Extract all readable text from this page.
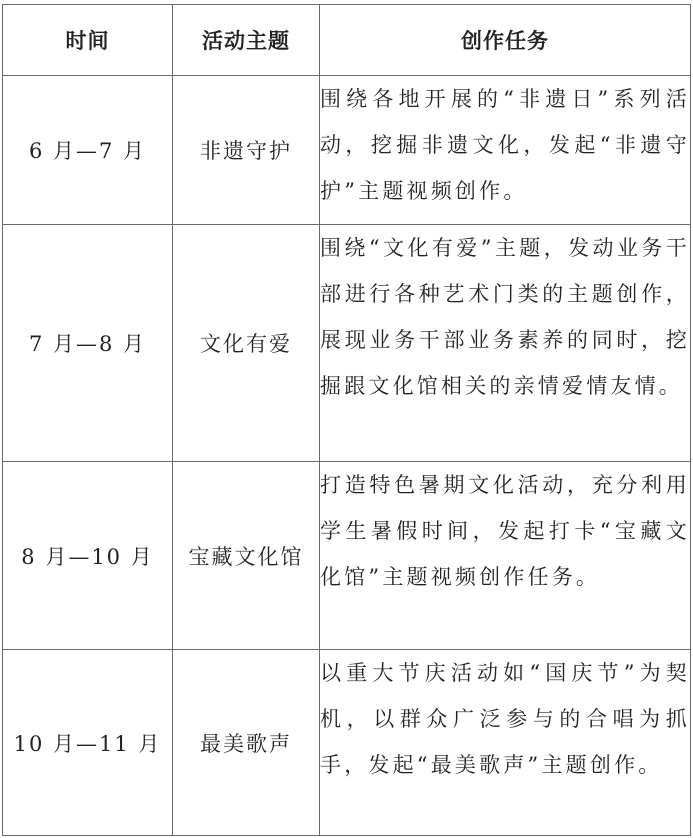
时间	活动主题	创作任务
6 月—7 月	非遗守护	围绕各地开展的“非遗日”系列活动，挖掘非遗文化，发起“非遗守护”主题视频创作。
7 月—8 月	文化有爱	围绕“文化有爱”主题，发动业务干部进行各种艺术门类的主题创作，展现业务干部业务素养的同时，挖掘跟文化馆相关的亲情爱情友情。
8 月—10 月	宝藏文化馆	打造特色暑期文化活动，充分利用学生暑假时间，发起打卡“宝藏文化馆”主题视频创作任务。
10 月—11 月	最美歌声	以重大节庆活动如“国庆节”为契机，以群众广泛参与的合唱为抓手，发起“最美歌声”主题创作。
